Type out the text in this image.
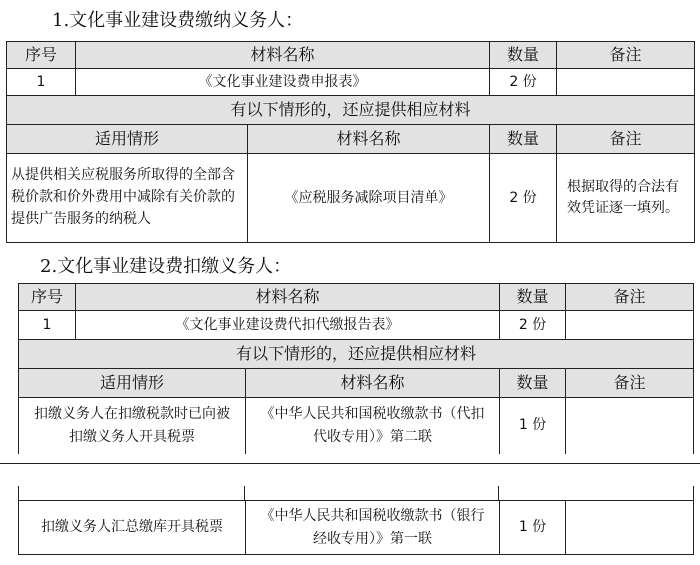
1.文化事业建设费缴纳义务人：
序号	材料名称		数量	备注
1	《文化事业建设费申报表》		2 份	
有以下情形的，还应提供相应材料				
适用情形		材料名称	数量	备注
从提供相关应税服务所取得的全部含税价款和价外费用中减除有关价款的提供广告服务的纳税人		《应税服务减除项目清单》	2 份	根据取得的合法有效凭证逐一填列。
2.文化事业建设费扣缴义务人：
序号	材料名称		数量	备注
1	《文化事业建设费代扣代缴报告表》		2 份	
有以下情形的，还应提供相应材料				
适用情形		材料名称	数量	备注
扣缴义务人在扣缴税款时已向被扣缴义务人开具税票		《中华人民共和国税收缴款书（代扣代收专用）》第二联	1 份	
扣缴义务人汇总缴库开具税票	《中华人民共和国税收缴款书（银行经收专用）》第一联	1 份	
